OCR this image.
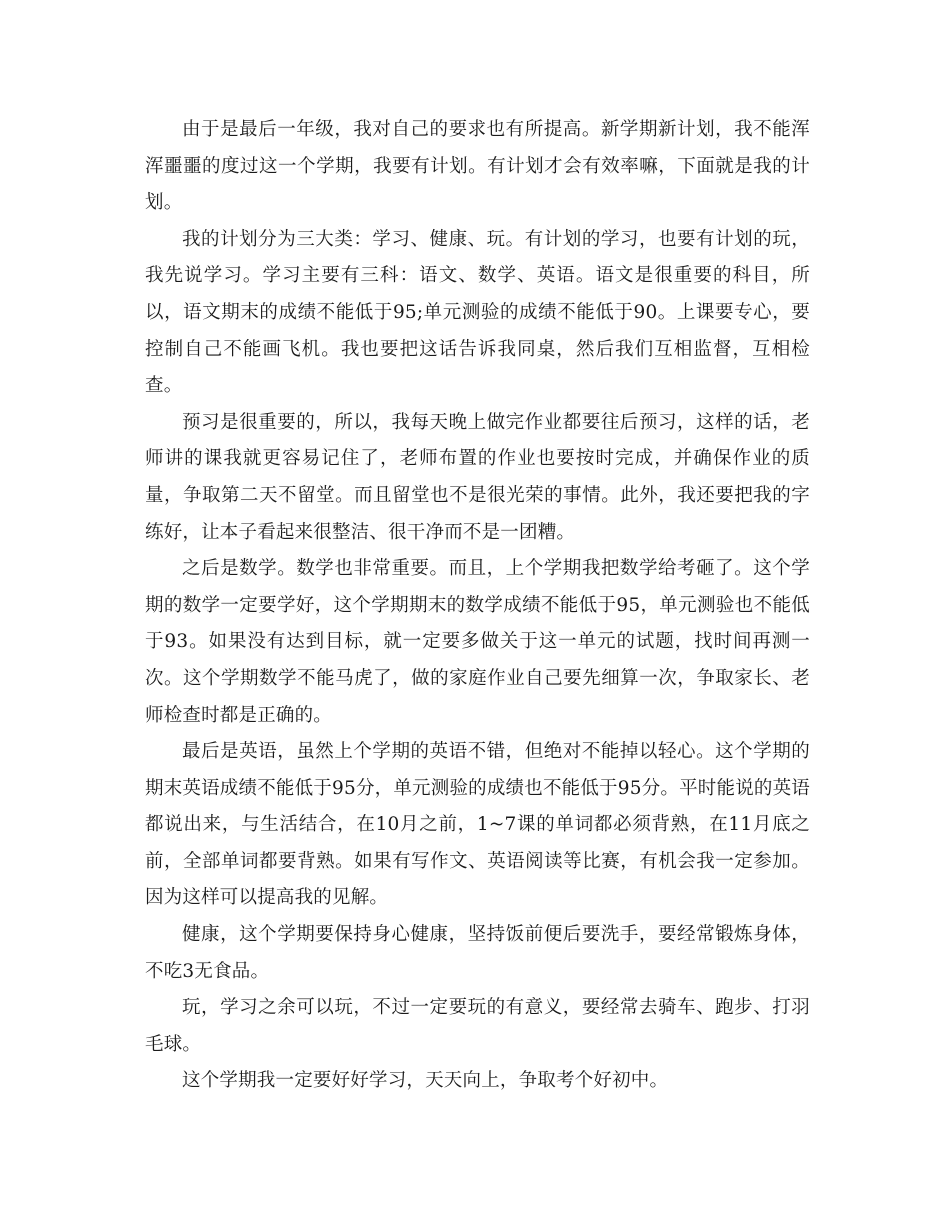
由于是最后一年级，我对自己的要求也有所提高。新学期新计划，我不能浑浑噩噩的度过这一个学期，我要有计划。有计划才会有效率嘛，下面就是我的计划。

我的计划分为三大类：学习、健康、玩。有计划的学习，也要有计划的玩，我先说学习。学习主要有三科：语文、数学、英语。语文是很重要的科目，所以，语文期末的成绩不能低于95;单元测验的成绩不能低于90。上课要专心，要控制自己不能画飞机。我也要把这话告诉我同桌，然后我们互相监督，互相检查。

预习是很重要的，所以，我每天晚上做完作业都要往后预习，这样的话，老师讲的课我就更容易记住了，老师布置的作业也要按时完成，并确保作业的质量，争取第二天不留堂。而且留堂也不是很光荣的事情。此外，我还要把我的字练好，让本子看起来很整洁、很干净而不是一团糟。

之后是数学。数学也非常重要。而且，上个学期我把数学给考砸了。这个学期的数学一定要学好，这个学期期末的数学成绩不能低于95，单元测验也不能低于93。如果没有达到目标，就一定要多做关于这一单元的试题，找时间再测一次。这个学期数学不能马虎了，做的家庭作业自己要先细算一次，争取家长、老师检查时都是正确的。

最后是英语，虽然上个学期的英语不错，但绝对不能掉以轻心。这个学期的期末英语成绩不能低于95分，单元测验的成绩也不能低于95分。平时能说的英语都说出来，与生活结合，在10月之前，1~7课的单词都必须背熟，在11月底之前，全部单词都要背熟。如果有写作文、英语阅读等比赛，有机会我一定参加。因为这样可以提高我的见解。

健康，这个学期要保持身心健康，坚持饭前便后要洗手，要经常锻炼身体，不吃3无食品。

玩，学习之余可以玩，不过一定要玩的有意义，要经常去骑车、跑步、打羽毛球。

这个学期我一定要好好学习，天天向上，争取考个好初中。
